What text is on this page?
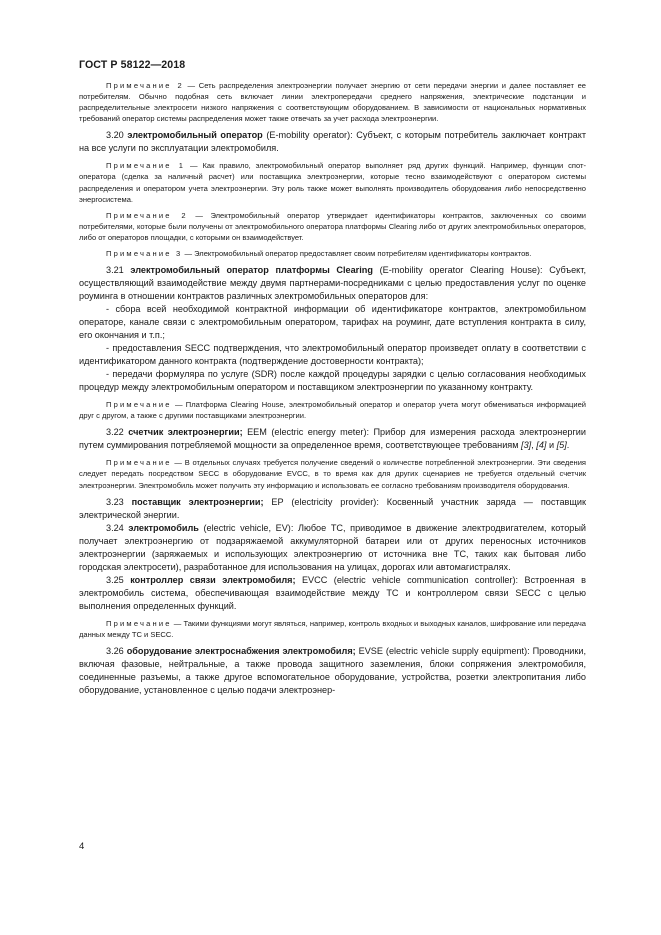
ГОСТ Р 58122—2018

Примечание 2 — Сеть распределения электроэнергии получает энергию от сети передачи энергии и далее поставляет ее потребителям. Обычно подобная сеть включает линии электропередачи среднего напряжения, электрические подстанции и распределительные электросети низкого напряжения с соответствующим оборудованием. В зависимости от национальных нормативных требований оператор системы распределения может также отвечать за учет расхода электроэнергии.

3.20 электромобильный оператор (E-mobility operator): Субъект, с которым потребитель заключает контракт на все услуги по эксплуатации электромобиля.

Примечание 1 — Как правило, электромобильный оператор выполняет ряд других функций. Например, функции спот-оператора (сделка за наличный расчет) или поставщика электроэнергии, которые тесно взаимодействуют с оператором системы распределения и оператором учета электроэнергии. Эту роль также может выполнять производитель оборудования либо непосредственно энергосистема.

Примечание 2 — Электромобильный оператор утверждает идентификаторы контрактов, заключенных со своими потребителями, которые были получены от электромобильного оператора платформы Clearing либо от других электромобильных операторов, либо от операторов площадки, с которыми он взаимодействует.

Примечание 3 — Электромобильный оператор предоставляет своим потребителям идентификаторы контрактов.

3.21 электромобильный оператор платформы Clearing (E-mobility operator Clearing House): Субъект, осуществляющий взаимодействие между двумя партнерами-посредниками с целью предоставления услуг по оценке роуминга в отношении контрактов различных электромобильных операторов для:

- сбора всей необходимой контрактной информации об идентификаторе контрактов, электромобильном операторе, канале связи с электромобильным оператором, тарифах на роуминг, дате вступления контракта в силу, его окончания и т.п.;

- предоставления SECC подтверждения, что электромобильный оператор произведет оплату в соответствии с идентификатором данного контракта (подтверждение достоверности контракта);

- передачи формуляра по услуге (SDR) после каждой процедуры зарядки с целью согласования необходимых процедур между электромобильным оператором и поставщиком электроэнергии по указанному контракту.

Примечание — Платформа Clearing House, электромобильный оператор и оператор учета могут обмениваться информацией друг с другом, а также с другими поставщиками электроэнергии.

3.22 счетчик электроэнергии; EEM (electric energy meter): Прибор для измерения расхода электроэнергии путем суммирования потребляемой мощности за определенное время, соответствующее требованиям [3], [4] и [5].

Примечание — В отдельных случаях требуется получение сведений о количестве потребленной электроэнергии. Эти сведения следует передать посредством SECC в оборудование EVCC, в то время как для других сценариев не требуется отдельный счетчик электроэнергии. Электромобиль может получить эту информацию и использовать ее согласно требованиям производителя оборудования.

3.23 поставщик электроэнергии; EP (electricity provider): Косвенный участник заряда — поставщик электрической энергии.

3.24 электромобиль (electric vehicle, EV): Любое ТС, приводимое в движение электродвигателем, который получает электроэнергию от подзаряжаемой аккумуляторной батареи или от других переносных источников электроэнергии (заряжаемых и использующих электроэнергию от источника вне ТС, таких как бытовая либо городская электросети), разработанное для использования на улицах, дорогах или автомагистралях.

3.25 контроллер связи электромобиля; EVCC (electric vehicle communication controller): Встроенная в электромобиль система, обеспечивающая взаимодействие между ТС и контроллером связи SECC с целью выполнения определенных функций.

Примечание — Такими функциями могут являться, например, контроль входных и выходных каналов, шифрование или передача данных между ТС и SECC.

3.26 оборудование электроснабжения электромобиля; EVSE (electric vehicle supply equipment): Проводники, включая фазовые, нейтральные, а также провода защитного заземления, блоки сопряжения электромобиля, соединенные разъемы, а также другое вспомогательное оборудование, устройства, розетки электропитания либо оборудование, установленное с целью подачи электроэнер-

4
